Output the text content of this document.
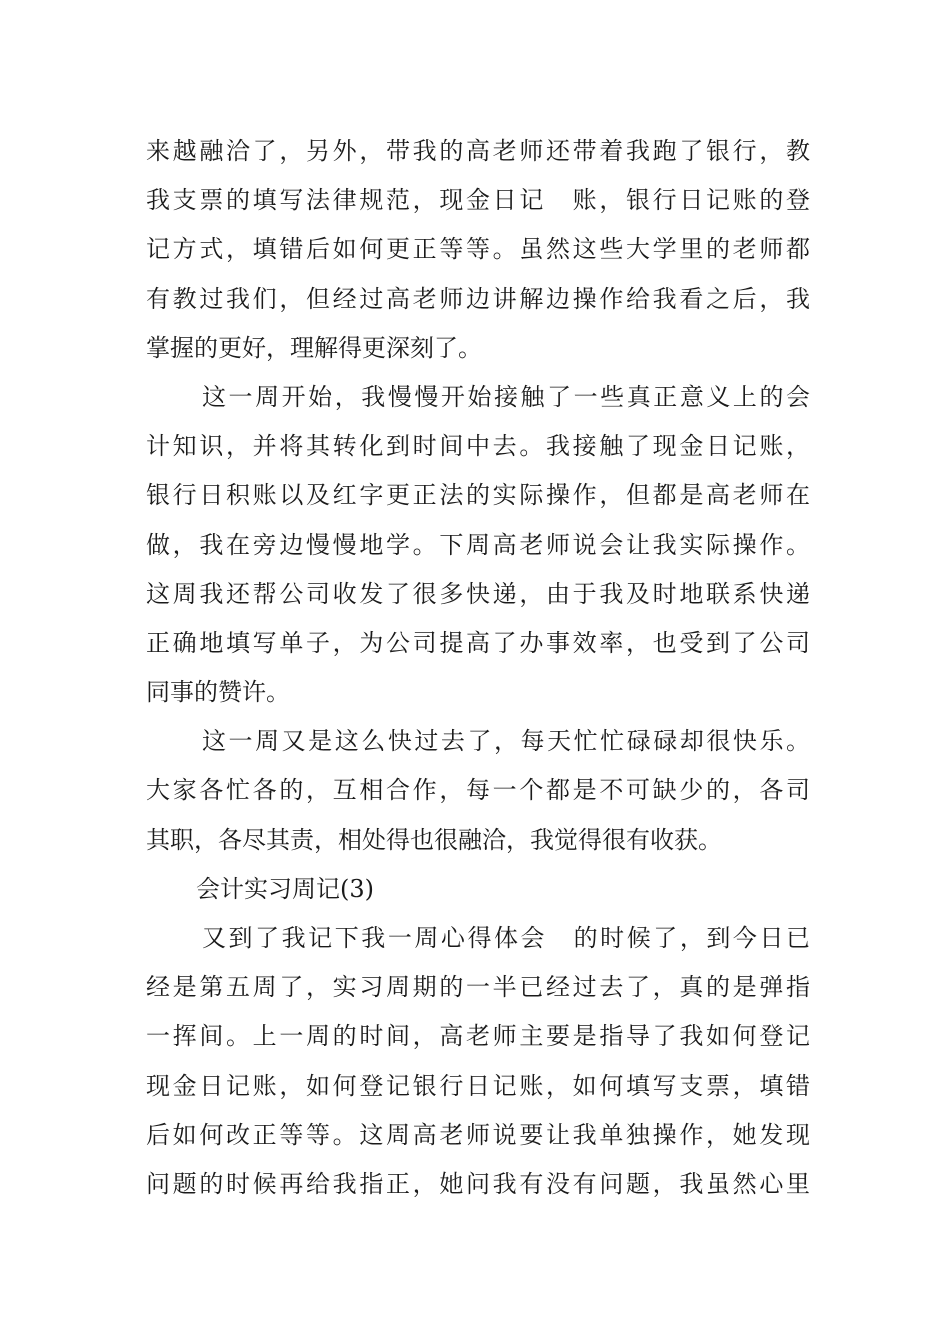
来越融洽了，另外，带我的高老师还带着我跑了银行，教
我支票的填写法律规范，现金日记　账，银行日记账的登
记方式，填错后如何更正等等。虽然这些大学里的老师都
有教过我们，但经过高老师边讲解边操作给我看之后，我
掌握的更好，理解得更深刻了。
这一周开始，我慢慢开始接触了一些真正意义上的会
计知识，并将其转化到时间中去。我接触了现金日记账，
银行日积账以及红字更正法的实际操作，但都是高老师在
做，我在旁边慢慢地学。下周高老师说会让我实际操作。
这周我还帮公司收发了很多快递，由于我及时地联系快递
正确地填写单子，为公司提高了办事效率，也受到了公司
同事的赞许。
这一周又是这么快过去了，每天忙忙碌碌却很快乐。
大家各忙各的，互相合作，每一个都是不可缺少的，各司
其职，各尽其责，相处得也很融洽，我觉得很有收获。
会计实习周记(3)
又到了我记下我一周心得体会　的时候了，到今日已
经是第五周了，实习周期的一半已经过去了，真的是弹指
一挥间。上一周的时间，高老师主要是指导了我如何登记
现金日记账，如何登记银行日记账，如何填写支票，填错
后如何改正等等。这周高老师说要让我单独操作，她发现
问题的时候再给我指正，她问我有没有问题，我虽然心里
